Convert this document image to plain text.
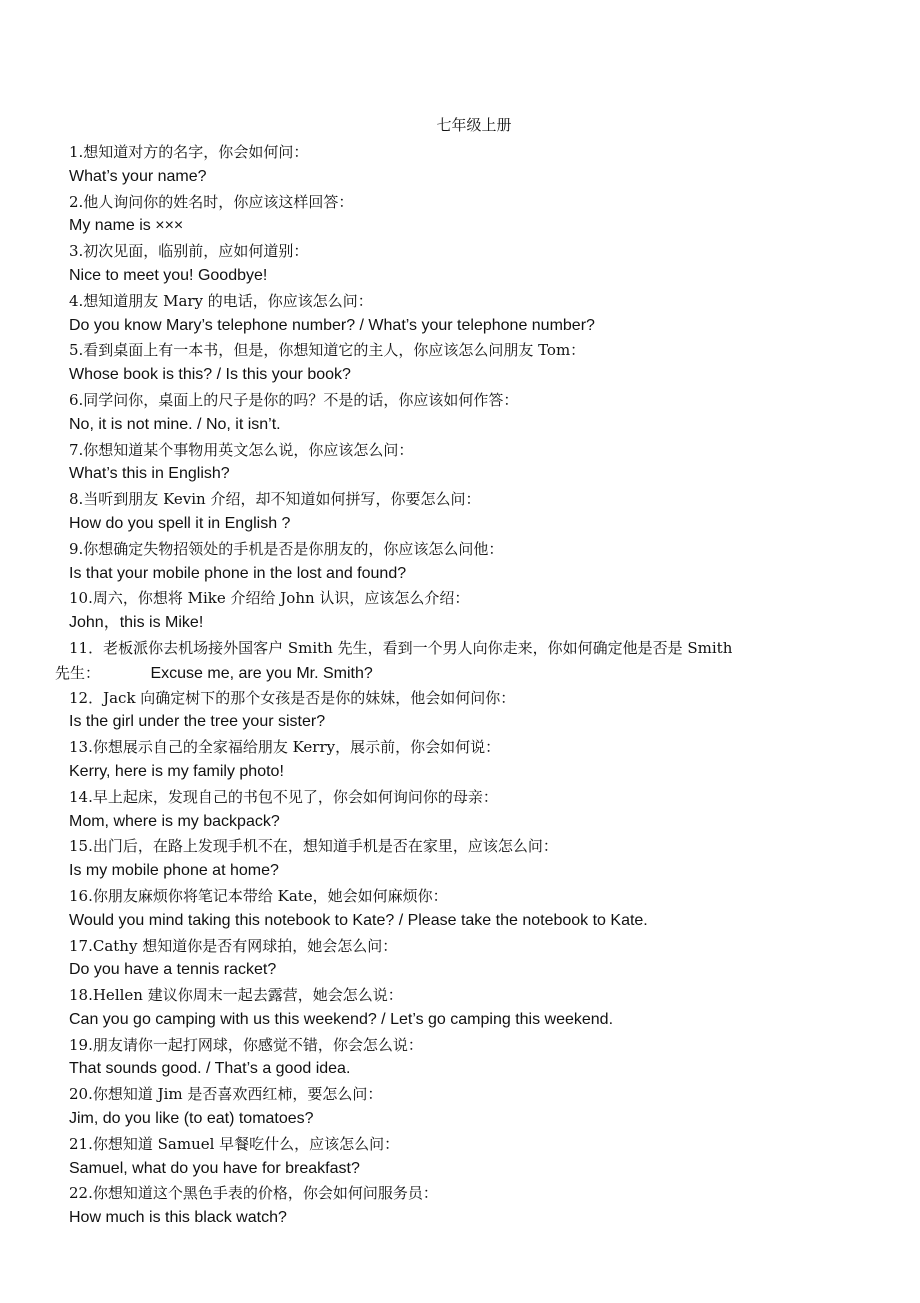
七年级上册
1.想知道对方的名字，你会如何问：
What’s your name?
2.他人询问你的姓名时，你应该这样回答：
My name is ×××
3.初次见面，临别前，应如何道别：
Nice to meet you! Goodbye!
4.想知道朋友 Mary 的电话，你应该怎么问：
Do you know Mary’s telephone number? / What’s your telephone number?
5.看到桌面上有一本书，但是，你想知道它的主人，你应该怎么问朋友 Tom：
Whose book is this? / Is this your book?
6.同学问你，桌面上的尺子是你的吗？不是的话，你应该如何作答：
No, it is not mine. / No, it isn’t.
7.你想知道某个事物用英文怎么说，你应该怎么问：
What’s this in English?
8.当听到朋友 Kevin 介绍，却不知道如何拼写，你要怎么问：
How do you spell it in English ?
9.你想确定失物招领处的手机是否是你朋友的，你应该怎么问他：
Is that your mobile phone in the lost and found?
10.周六，你想将 Mike 介绍给 John 认识，应该怎么介绍：
John，this is Mike!
11．老板派你去机场接外国客户 Smith 先生，看到一个男人向你走来，你如何确定他是否是 Smith
先生：	Excuse me, are you Mr. Smith?
12．Jack 向确定树下的那个女孩是否是你的妹妹，他会如何问你：
Is the girl under the tree your sister?
13.你想展示自己的全家福给朋友 Kerry，展示前，你会如何说：
Kerry, here is my family photo!
14.早上起床，发现自己的书包不见了，你会如何询问你的母亲：
Mom, where is my backpack?
15.出门后，在路上发现手机不在，想知道手机是否在家里，应该怎么问：
Is my mobile phone at home?
16.你朋友麻烦你将笔记本带给 Kate，她会如何麻烦你：
Would you mind taking this notebook to Kate? / Please take the notebook to Kate.
17.Cathy 想知道你是否有网球拍，她会怎么问：
Do you have a tennis racket?
18.Hellen 建议你周末一起去露营，她会怎么说：
Can you go camping with us this weekend? / Let’s go camping this weekend.
19.朋友请你一起打网球，你感觉不错，你会怎么说：
That sounds good. / That’s a good idea.
20.你想知道 Jim 是否喜欢西红柿，要怎么问：
Jim, do you like (to eat) tomatoes?
21.你想知道 Samuel 早餐吃什么，应该怎么问：
Samuel, what do you have for breakfast?
22.你想知道这个黑色手表的价格，你会如何问服务员：
How much is this black watch?
